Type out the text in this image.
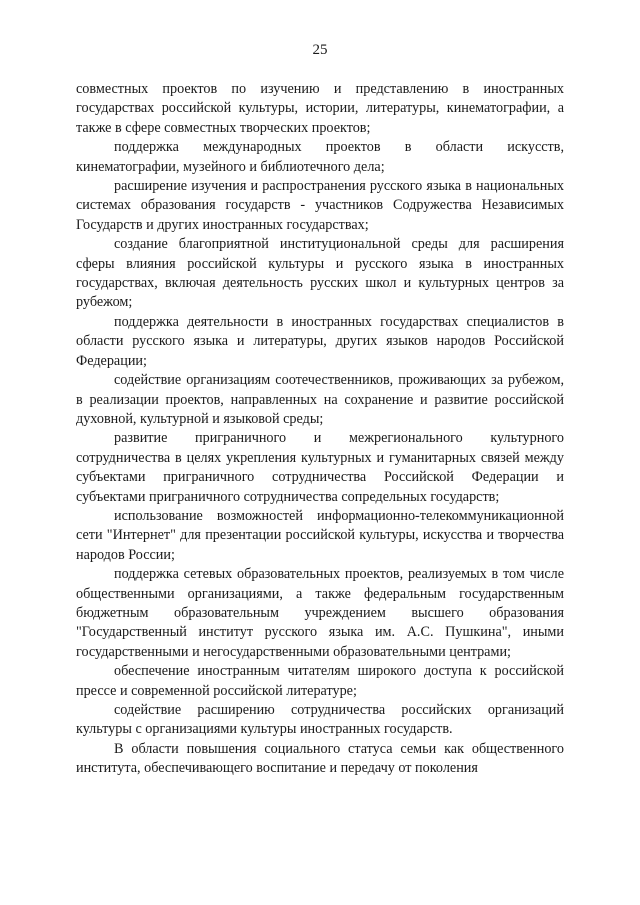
25

совместных проектов по изучению и представлению в иностранных государствах российской культуры, истории, литературы, кинематографии, а также в сфере совместных творческих проектов;

поддержка международных проектов в области искусств, кинематографии, музейного и библиотечного дела;

расширение изучения и распространения русского языка в национальных системах образования государств - участников Содружества Независимых Государств и других иностранных государствах;

создание благоприятной институциональной среды для расширения сферы влияния российской культуры и русского языка в иностранных государствах, включая деятельность русских школ и культурных центров за рубежом;

поддержка деятельности в иностранных государствах специалистов в области русского языка и литературы, других языков народов Российской Федерации;

содействие организациям соотечественников, проживающих за рубежом, в реализации проектов, направленных на сохранение и развитие российской духовной, культурной и языковой среды;

развитие приграничного и межрегионального культурного сотрудничества в целях укрепления культурных и гуманитарных связей между субъектами приграничного сотрудничества Российской Федерации и субъектами приграничного сотрудничества сопредельных государств;

использование возможностей информационно-телекоммуникационной сети "Интернет" для презентации российской культуры, искусства и творчества народов России;

поддержка сетевых образовательных проектов, реализуемых в том числе общественными организациями, а также федеральным государственным бюджетным образовательным учреждением высшего образования "Государственный институт русского языка им. А.С. Пушкина", иными государственными и негосударственными образовательными центрами;

обеспечение иностранным читателям широкого доступа к российской прессе и современной российской литературе;

содействие расширению сотрудничества российских организаций культуры с организациями культуры иностранных государств.

В области повышения социального статуса семьи как общественного института, обеспечивающего воспитание и передачу от поколения
